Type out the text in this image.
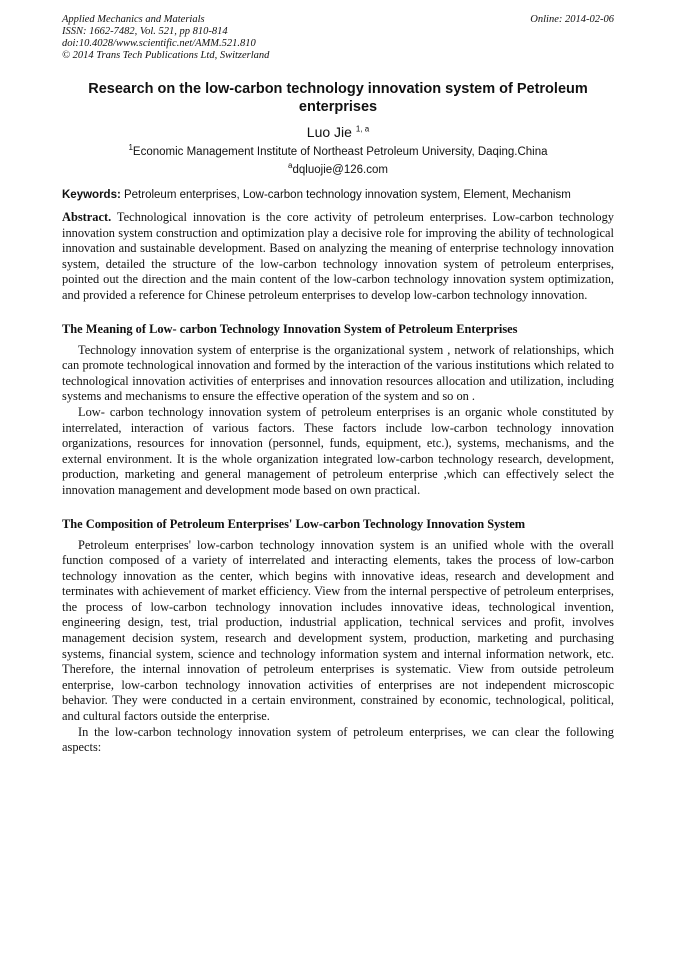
Applied Mechanics and Materials
ISSN: 1662-7482, Vol. 521, pp 810-814
doi:10.4028/www.scientific.net/AMM.521.810
© 2014 Trans Tech Publications Ltd, Switzerland
Online: 2014-02-06
Research on the low-carbon technology innovation system of Petroleum enterprises
Luo Jie $^{1, a}$
$^1$Economic Management Institute of Northeast Petroleum University, Daqing.China
$^a$dqluojie@126.com
Keywords: Petroleum enterprises, Low-carbon technology innovation system, Element, Mechanism
Abstract. Technological innovation is the core activity of petroleum enterprises. Low-carbon technology innovation system construction and optimization play a decisive role for improving the ability of technological innovation and sustainable development. Based on analyzing the meaning of enterprise technology innovation system, detailed the structure of the low-carbon technology innovation system of petroleum enterprises, pointed out the direction and the main content of the low-carbon technology innovation system optimization, and provided a reference for Chinese petroleum enterprises to develop low-carbon technology innovation.
The Meaning of Low- carbon Technology Innovation System of Petroleum Enterprises

Technology innovation system of enterprise is the organizational system , network of relationships, which can promote technological innovation and formed by the interaction of the various institutions which related to technological innovation activities of enterprises and innovation resources allocation and utilization, including systems and mechanisms to ensure the effective operation of the system and so on .

Low- carbon technology innovation system of petroleum enterprises is an organic whole constituted by interrelated, interaction of various factors. These factors include low-carbon technology innovation organizations, resources for innovation (personnel, funds, equipment, etc.), systems, mechanisms, and the external environment. It is the whole organization integrated low-carbon technology research, development, production, marketing and general management of petroleum enterprise ,which can effectively select the innovation management and development mode based on own practical.

The Composition of Petroleum Enterprises' Low-carbon Technology Innovation System

Petroleum enterprises' low-carbon technology innovation system is an unified whole with the overall function composed of a variety of interrelated and interacting elements, takes the process of low-carbon technology innovation as the center, which begins with innovative ideas, research and development and terminates with achievement of market efficiency. View from the internal perspective of petroleum enterprises, the process of low-carbon technology innovation includes innovative ideas, technological invention, engineering design, test, trial production, industrial application, technical services and profit, involves management decision system, research and development system, production, marketing and purchasing systems, financial system, science and technology information system and internal information network, etc. Therefore, the internal innovation of petroleum enterprises is systematic. View from outside petroleum enterprise, low-carbon technology innovation activities of enterprises are not independent microscopic behavior. They were conducted in a certain environment, constrained by economic, technological, political, and cultural factors outside the enterprise.

In the low-carbon technology innovation system of petroleum enterprises, we can clear the following aspects:
